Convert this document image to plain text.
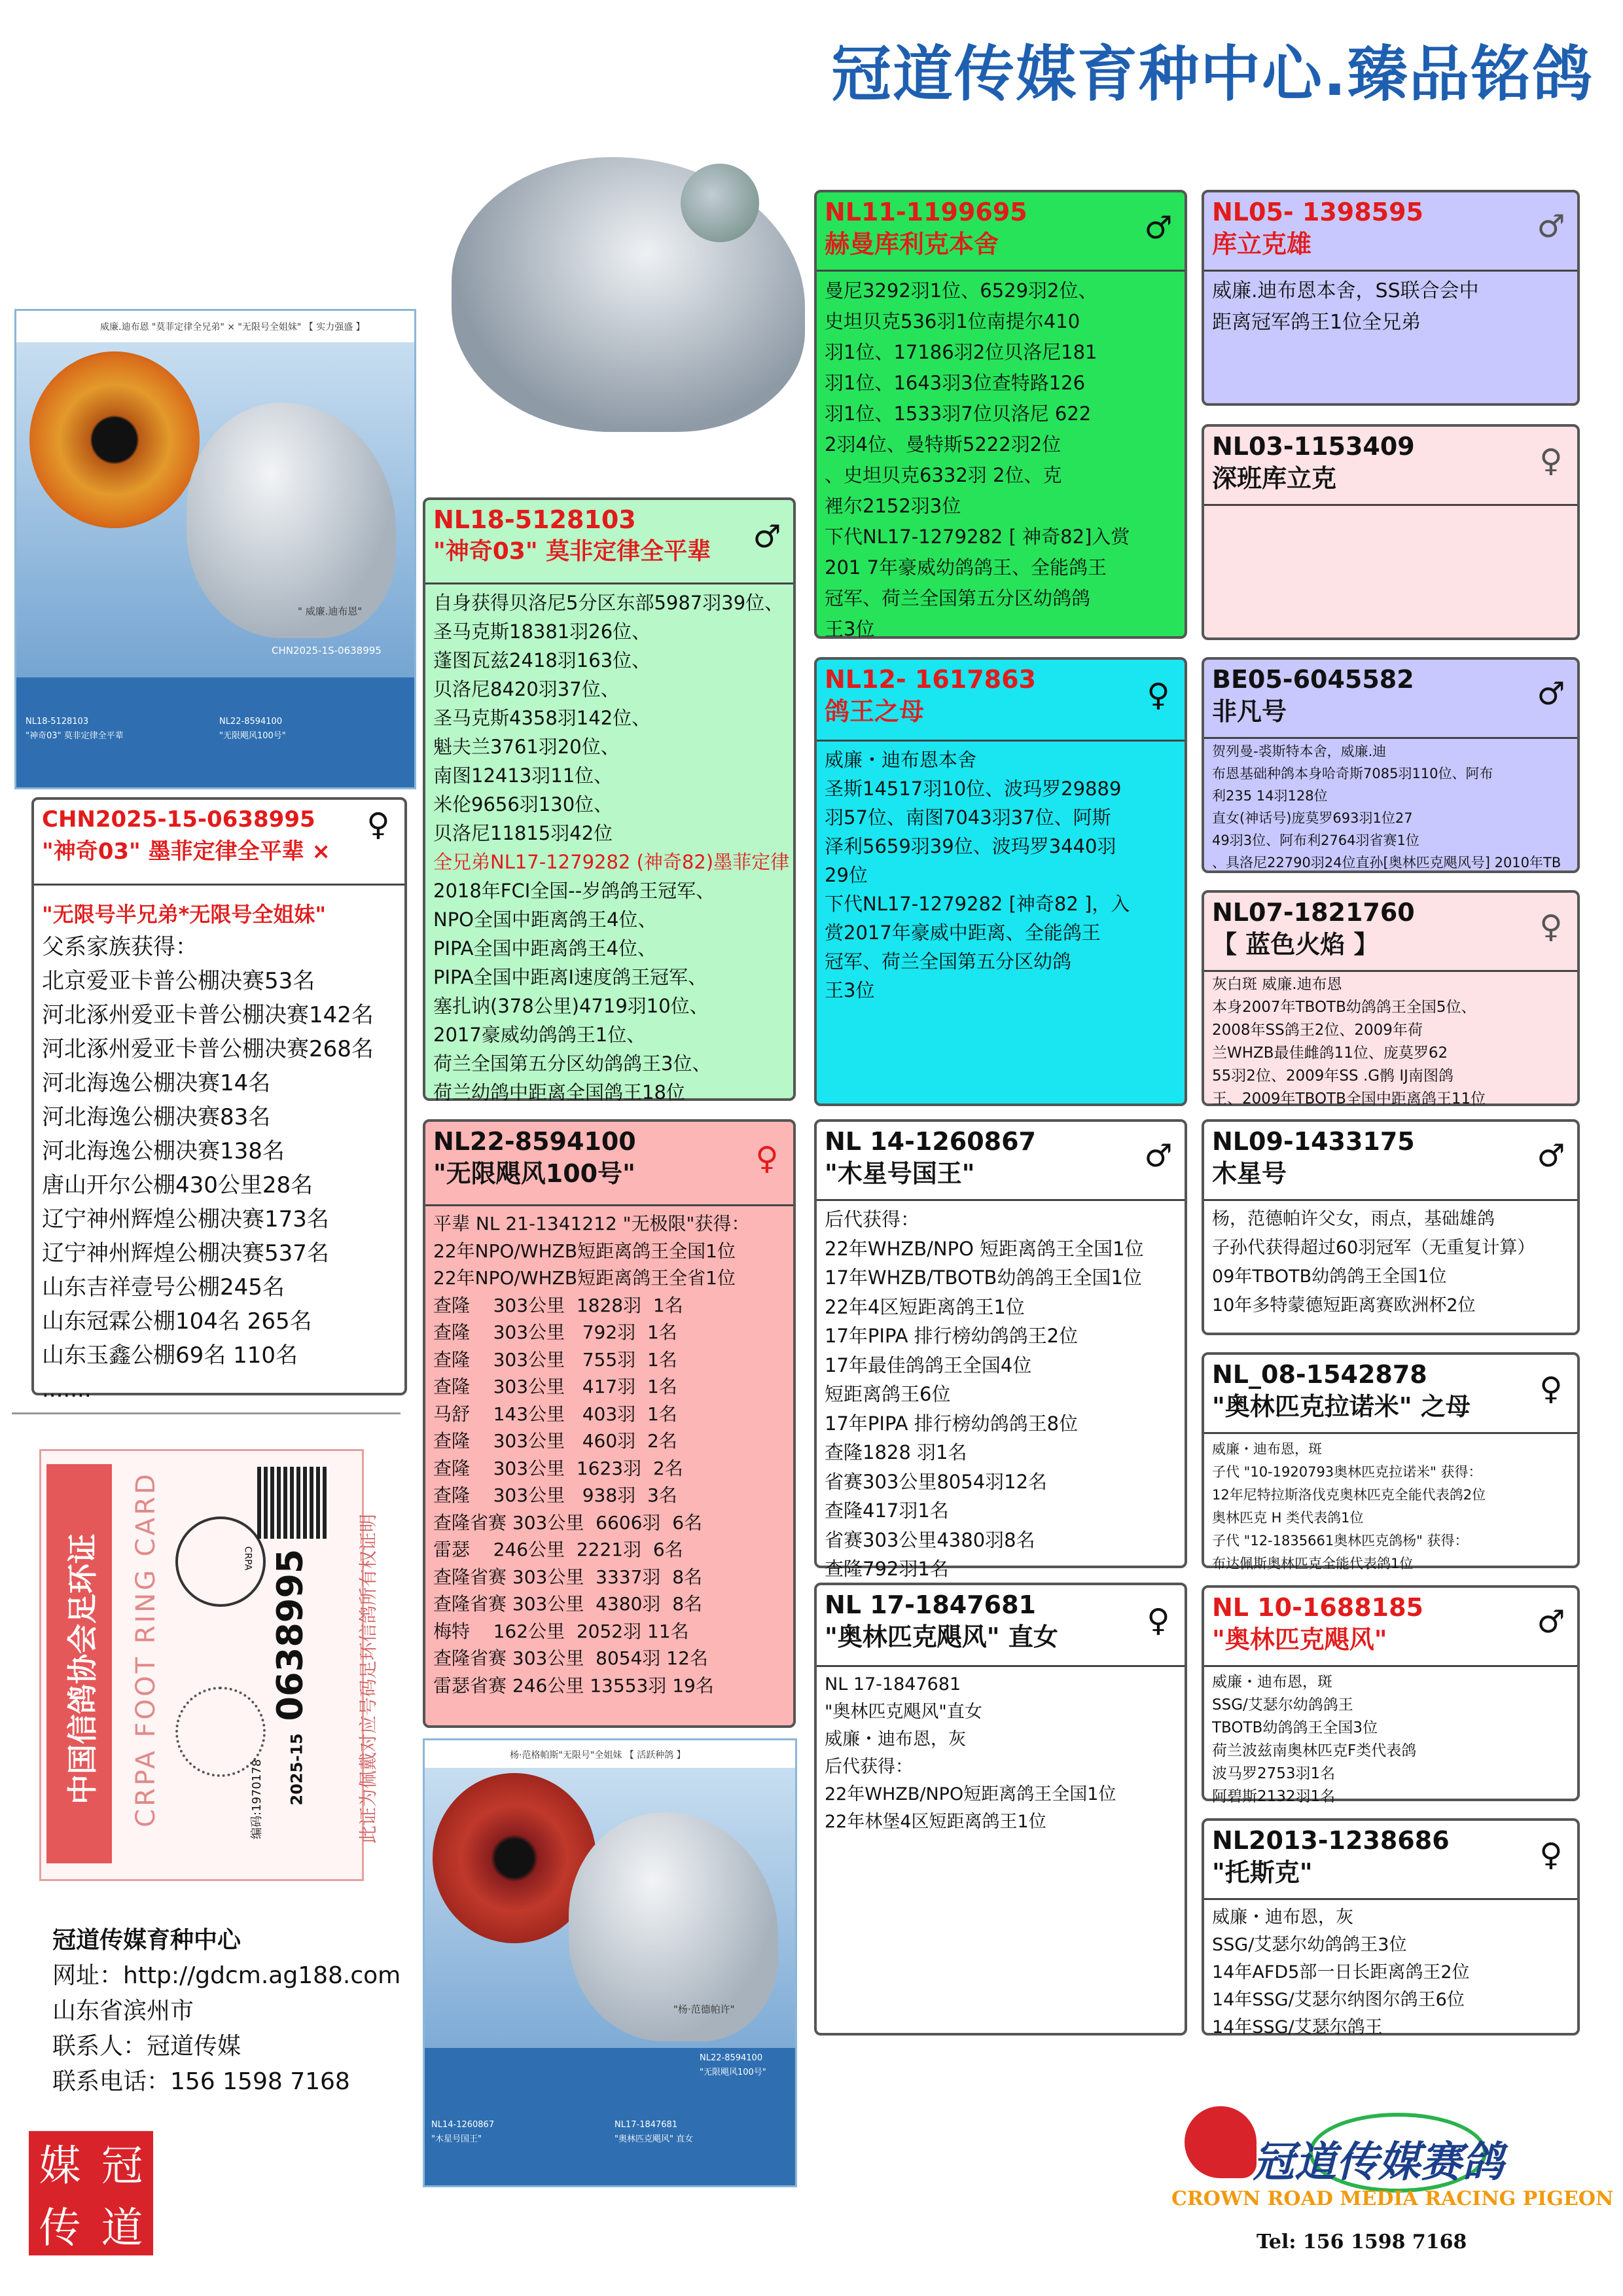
冠道传媒育种中心.臻品铭鸽
威廉.迪布恩 "莫菲定律全兄弟" × "无限号全姐妹" 【 实力强盛 】
" 威廉.迪布恩"
CHN2025-1S-0638995
NL18-5128103
"神奇03" 莫非定律全平辈
NL22-8594100
"无限飓风100号"
CHN2025-15-0638995
"神奇03" 墨菲定律全平辈 ×
♀
"无限号半兄弟*无限号全姐妹"
父系家族获得：
北京爱亚卡普公棚决赛53名
河北涿州爱亚卡普公棚决赛142名
河北涿州爱亚卡普公棚决赛268名
河北海逸公棚决赛14名
河北海逸公棚决赛83名
河北海逸公棚决赛138名
唐山开尔公棚430公里28名
辽宁神州辉煌公棚决赛173名
辽宁神州辉煌公棚决赛537名
山东吉祥壹号公棚245名
山东冠霖公棚104名 265名
山东玉鑫公棚69名 110名
.......
中国信鸽协会足环证 CRPA FOOT RING CARD	CRPA
2025-15 0638995
编码:1970178	此证为佩戴对应号码足环信鸽所有权证明
冠道传媒育种中心
网址：http://gdcm.ag188.com
山东省滨州市
联系人：冠道传媒
联系电话：156 1598 7168
媒 冠
传 道
NL18-5128103
"神奇03" 莫非定律全平辈	♂
自身获得贝洛尼5分区东部5987羽39位、
圣马克斯18381羽26位、
蓬图瓦兹2418羽163位、
贝洛尼8420羽37位、
圣马克斯4358羽142位、
魁夫兰3761羽20位、
南图12413羽11位、
米伦9656羽130位、
贝洛尼11815羽42位
全兄弟NL17-1279282 (神奇82)墨菲定律
2018年FCI全国--岁鸽鸽王冠军、
NPO全国中距离鸽王4位、
PIPA全国中距离鸽王4位、
PIPA全国中距离I速度鸽王冠军、
塞扎讷(378公里)4719羽10位、
2017豪威幼鸽鸽王1位、
荷兰全国第五分区幼鸽鸽王3位、
荷兰幼鸽中距离全国鸽王18位
NL22-8594100
"无限飓风100号"	♀
平辈 NL 21-1341212 "无极限"获得：
22年NPO/WHZB短距离鸽王全国1位
22年NPO/WHZB短距离鸽王全省1位
查隆    303公里  1828羽  1名
查隆    303公里   792羽  1名
查隆    303公里   755羽  1名
查隆    303公里   417羽  1名
马舒    143公里   403羽  1名
查隆    303公里   460羽  2名
查隆    303公里  1623羽  2名
查隆    303公里   938羽  3名
查隆省赛 303公里  6606羽  6名
雷瑟    246公里  2221羽  6名
查隆省赛 303公里  3337羽  8名
查隆省赛 303公里  4380羽  8名
梅特    162公里  2052羽 11名
查隆省赛 303公里  8054羽 12名
雷瑟省赛 246公里 13553羽 19名
杨·范格帕斯"无限号"全姐妹 【 活跃种鸽 】
"杨·范德帕许"
NL22-8594100
"无限飓风100号"
NL14-1260867
"木星号国王"
NL17-1847681
"奥林匹克飓风" 直女
NL11-1199695
赫曼库利克本舍	♂
曼尼3292羽1位、6529羽2位、
史坦贝克536羽1位南提尔410
羽1位、17186羽2位贝洛尼181
羽1位、1643羽3位查特路126
羽1位、1533羽7位贝洛尼 622
2羽4位、曼特斯5222羽2位
、史坦贝克6332羽 2位、克
裡尔2152羽3位
下代NL17-1279282 [ 神奇82]入赏
201 7年豪威幼鸽鸽王、全能鸽王
冠军、荷兰全国第五分区幼鸽鸽
王3位
NL12- 1617863
鸽王之母	♀
威廉・迪布恩本舍
圣斯14517羽10位、波玛罗29889
羽57位、南图7043羽37位、阿斯
泽利5659羽39位、波玛罗3440羽
29位
下代NL17-1279282 [神奇82 ]，入
赏2017年豪威中距离、全能鸽王
冠军、荷兰全国第五分区幼鸽
王3位
NL 14-1260867
"木星号国王"	♂
后代获得：
22年WHZB/NPO 短距离鸽王全国1位
17年WHZB/TBOTB幼鸽鸽王全国1位
22年4区短距离鸽王1位
17年PIPA 排行榜幼鸽鸽王2位
17年最佳鸽鸽王全国4位
短距离鸽王6位
17年PIPA 排行榜幼鸽鸽王8位
查隆1828 羽1名
省赛303公里8054羽12名
查隆417羽1名
省赛303公里4380羽8名
查隆792羽1名
NL 17-1847681
"奥林匹克飓风" 直女	♀
NL 17-1847681
"奥林匹克飓风"直女
威廉・迪布恩，灰
后代获得：
22年WHZB/NPO短距离鸽王全国1位
22年林堡4区短距离鸽王1位
NL05- 1398595
库立克雄	♂
威廉.迪布恩本舍，SS联合会中
距离冠军鸽王1位全兄弟
NL03-1153409
深班库立克	♀
BE05-6045582
非凡号	♂
贺列曼-裘斯特本舍，威廉.迪
布恩基础种鸽本身哈奇斯7085羽110位、阿布
利235 14羽128位
直女(神话号)庞莫罗693羽1位27
49羽3位、阿布利2764羽省赛1位
、具洛尼22790羽24位直孙[奥林匹克飓风号] 2010年TB
NL07-1821760
【 蓝色火焰 】	♀
灰白斑 威廉.迪布恩
本身2007年TBOTB幼鸽鸽王全国5位、
2008年SS鸽王2位、2009年荷
兰WHZB最佳雌鸽11位、庞莫罗62
55羽2位、2009年SS .G鹘 IJ南图鸽
王、2009年TBOTB全国中距离鸽王11位
NL09-1433175
木星号	♂
杨，范德帕许父女，雨点，基础雄鸽
子孙代获得超过60羽冠军（无重复计算）
09年TBOTB幼鸽鸽王全国1位
10年多特蒙德短距离赛欧洲杯2位
NL_08-1542878
"奥林匹克拉诺米" 之母	♀
威廉・迪布恩，斑
子代 "10-1920793奥林匹克拉诺米" 获得：
12年尼特拉斯洛伐克奥林匹克全能代表鸽2位
奥林匹克 H 类代表鸽1位
子代 "12-1835661奥林匹克鸽杨" 获得：
布达佩斯奥林匹克全能代表鸽1位
NL 10-1688185
"奥林匹克飓风"	♂
威廉・迪布恩，斑
SSG/艾瑟尔幼鸽鸽王
TBOTB幼鸽鸽王全国3位
荷兰波兹南奥林匹克F类代表鸽
波马罗2753羽1名
阿碧斯2132羽1名
NL2013-1238686
"托斯克"	♀
威廉・迪布恩，灰
SSG/艾瑟尔幼鸽鸽王3位
14年AFD5部一日长距离鸽王2位
14年SSG/艾瑟尔纳图尔鸽王6位
14年SSG/艾瑟尔鸽王
冠道传媒赛鸽
CROWN ROAD MEDIA RACING PIGEON
Tel: 156 1598 7168
